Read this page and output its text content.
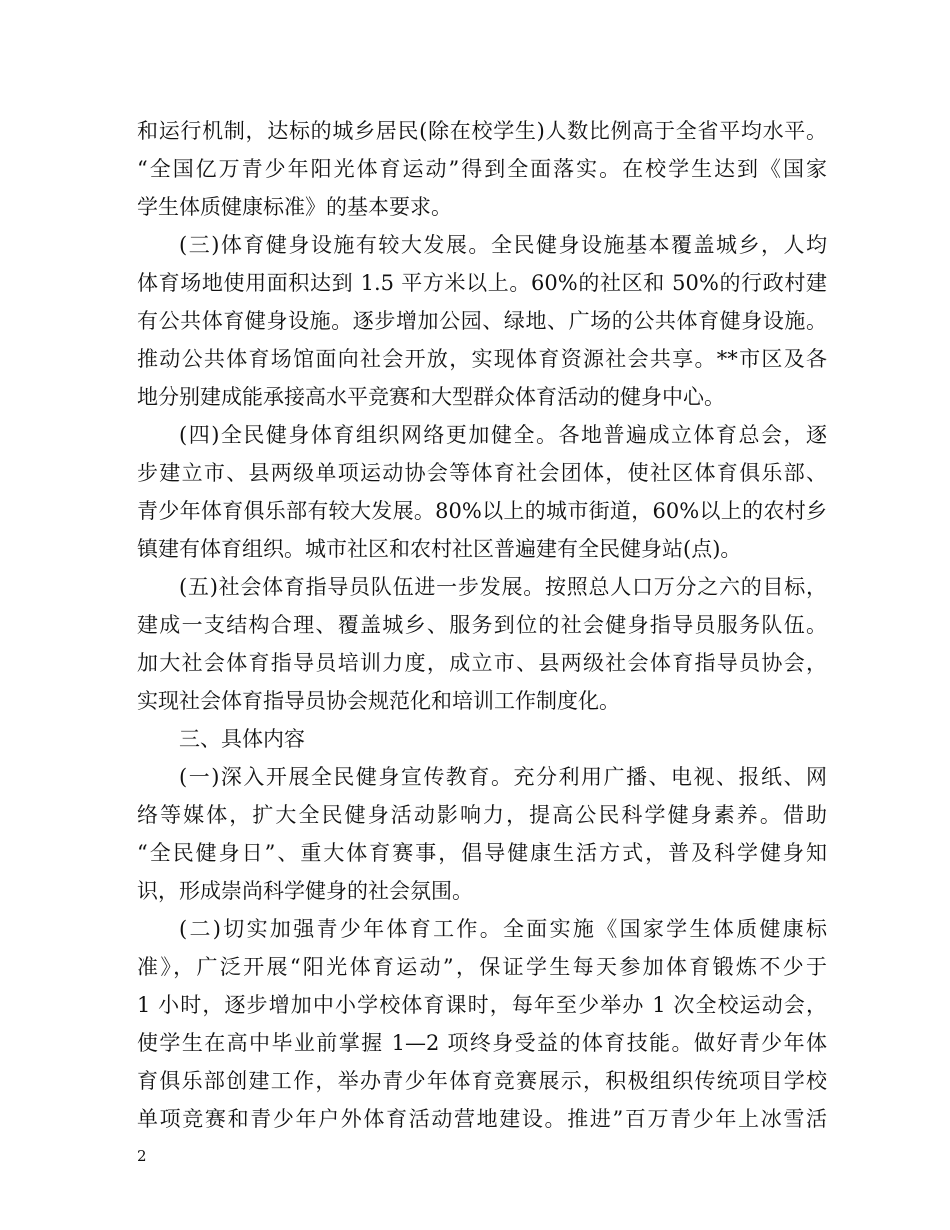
和运行机制，达标的城乡居民(除在校学生)人数比例高于全省平均水平。
“全国亿万青少年阳光体育运动”得到全面落实。在校学生达到《国家
学生体质健康标准》的基本要求。
(三)体育健身设施有较大发展。全民健身设施基本覆盖城乡，人均
体育场地使用面积达到 1.5 平方米以上。60%的社区和 50%的行政村建
有公共体育健身设施。逐步增加公园、绿地、广场的公共体育健身设施。
推动公共体育场馆面向社会开放，实现体育资源社会共享。**市区及各
地分别建成能承接高水平竞赛和大型群众体育活动的健身中心。
(四)全民健身体育组织网络更加健全。各地普遍成立体育总会，逐
步建立市、县两级单项运动协会等体育社会团体，使社区体育俱乐部、
青少年体育俱乐部有较大发展。80%以上的城市街道，60%以上的农村乡
镇建有体育组织。城市社区和农村社区普遍建有全民健身站(点)。
(五)社会体育指导员队伍进一步发展。按照总人口万分之六的目标，
建成一支结构合理、覆盖城乡、服务到位的社会健身指导员服务队伍。
加大社会体育指导员培训力度，成立市、县两级社会体育指导员协会，
实现社会体育指导员协会规范化和培训工作制度化。
三、具体内容
(一)深入开展全民健身宣传教育。充分利用广播、电视、报纸、网
络等媒体，扩大全民健身活动影响力，提高公民科学健身素养。借助
“全民健身日”、重大体育赛事，倡导健康生活方式，普及科学健身知
识，形成崇尚科学健身的社会氛围。
(二)切实加强青少年体育工作。全面实施《国家学生体质健康标
准》，广泛开展“阳光体育运动”，保证学生每天参加体育锻炼不少于
1 小时，逐步增加中小学校体育课时，每年至少举办 1 次全校运动会，
使学生在高中毕业前掌握 1—2 项终身受益的体育技能。做好青少年体
育俱乐部创建工作，举办青少年体育竞赛展示，积极组织传统项目学校
单项竞赛和青少年户外体育活动营地建设。推进”百万青少年上冰雪活
2
